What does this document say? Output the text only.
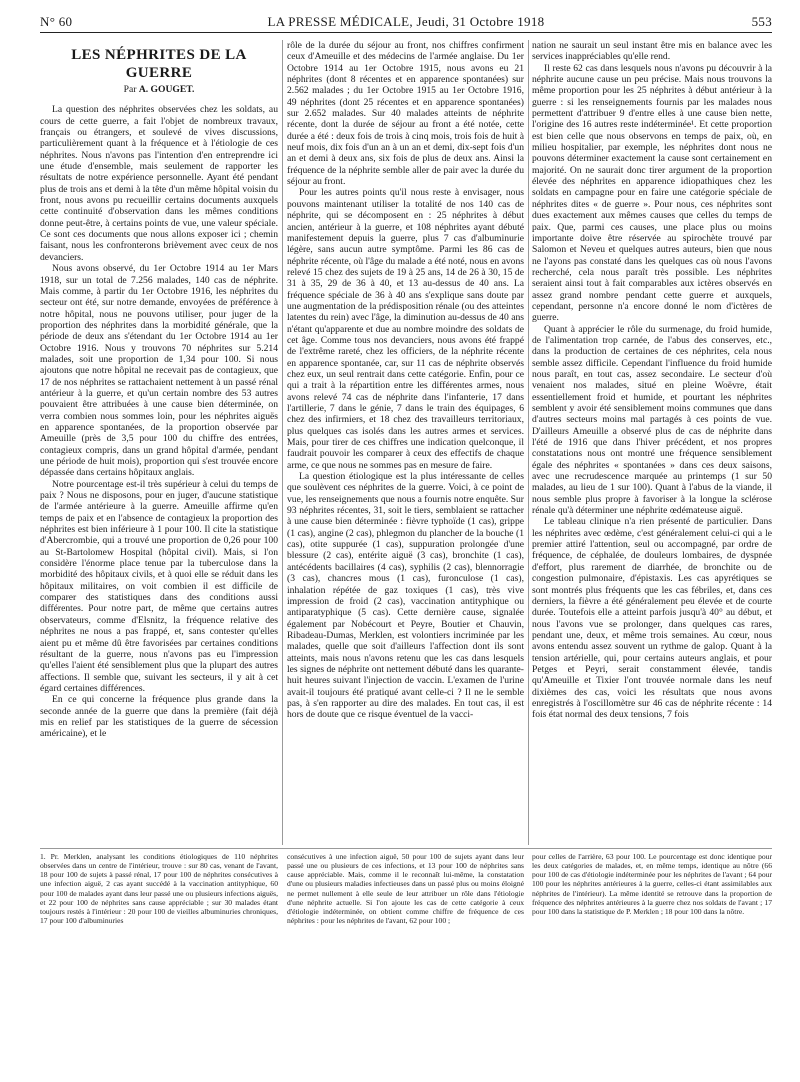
N° 60	LA PRESSE MÉDICALE, Jeudi, 31 Octobre 1918	553
LES NÉPHRITES DE LA GUERRE
Par A. GOUGET.

La question des néphrites observées chez les soldats, au cours de cette guerre, a fait l'objet de nombreux travaux, français ou étrangers, et soulevé de vives discussions, particulièrement quant à la fréquence et à l'étiologie de ces néphrites. Nous n'avons pas l'intention d'en entreprendre ici une étude d'ensemble, mais seulement de rapporter les résultats de notre expérience personnelle. Ayant été pendant plus de trois ans et demi à la tête d'un même hôpital voisin du front, nous avons pu recueillir certains documents auxquels cette continuité d'observation dans les mêmes conditions donne peut-être, à certains points de vue, une valeur spéciale. Ce sont ces documents que nous allons exposer ici ; chemin faisant, nous les confronterons brièvement avec ceux de nos devanciers.

Nous avons observé, du 1er Octobre 1914 au 1er Mars 1918, sur un total de 7.256 malades, 140 cas de néphrite. Mais comme, à partir du 1er Octobre 1916, les néphrites du secteur ont été, sur notre demande, envoyées de préférence à notre hôpital, nous ne pouvons utiliser, pour juger de la proportion des néphrites dans la morbidité générale, que la période de deux ans s'étendant du 1er Octobre 1914 au 1er Octobre 1916. Nous y trouvons 70 néphrites sur 5.214 malades, soit une proportion de 1,34 pour 100. Si nous ajoutons que notre hôpital ne recevait pas de contagieux, que 17 de nos néphrites se rattachaient nettement à un passé rénal antérieur à la guerre, et qu'un certain nombre des 53 autres pouvaient être attribuées à une cause bien déterminée, on verra combien nous sommes loin, pour les néphrites aiguës en apparence spontanées, de la proportion observée par Ameuille (près de 3,5 pour 100 du chiffre des entrées, contagieux compris, dans un grand hôpital d'armée, pendant une période de huit mois), proportion qui s'est trouvée encore dépassée dans certains hôpitaux anglais.

Notre pourcentage est-il très supérieur à celui du temps de paix ? Nous ne disposons, pour en juger, d'aucune statistique de l'armée antérieure à la guerre. Ameuille affirme qu'en temps de paix et en l'absence de contagieux la proportion des néphrites est bien inférieure à 1 pour 100. Il cite la statistique d'Abercrombie, qui a trouvé une proportion de 0,26 pour 100 au St-Bartolomew Hospital (hôpital civil). Mais, si l'on considère l'énorme place tenue par la tuberculose dans la morbidité des hôpitaux civils, et à quoi elle se réduit dans les hôpitaux militaires, on voit combien il est difficile de comparer des statistiques dans des conditions aussi différentes. Pour notre part, de même que certains autres observateurs, comme d'Elsnitz, la fréquence relative des néphrites ne nous a pas frappé, et, sans contester qu'elles aient pu et même dû être favorisées par certaines conditions résultant de la guerre, nous n'avons pas eu l'impression qu'elles l'aient été sensiblement plus que la plupart des autres affections. Il semble que, suivant les secteurs, il y ait à cet égard certaines différences.

En ce qui concerne la fréquence plus grande dans la seconde année de la guerre que dans la première (fait déjà mis en relief par les statistiques de la guerre de sécession américaine), et le

rôle de la durée du séjour au front, nos chiffres confirment ceux d'Ameuille et des médecins de l'armée anglaise. Du 1er Octobre 1914 au 1er Octobre 1915, nous avons eu 21 néphrites (dont 8 récentes et en apparence spontanées) sur 2.562 malades ; du 1er Octobre 1915 au 1er Octobre 1916, 49 néphrites (dont 25 récentes et en apparence spontanées) sur 2.652 malades. Sur 40 malades atteints de néphrite récente, dont la durée de séjour au front a été notée, cette durée a été : deux fois de trois à cinq mois, trois fois de huit à neuf mois, dix fois d'un an à un an et demi, dix-sept fois d'un an et demi à deux ans, six fois de plus de deux ans. Ainsi la fréquence de la néphrite semble aller de pair avec la durée du séjour au front.

Pour les autres points qu'il nous reste à envisager, nous pouvons maintenant utiliser la totalité de nos 140 cas de néphrite, qui se décomposent en : 25 néphrites à début ancien, antérieur à la guerre, et 108 néphrites ayant débuté manifestement depuis la guerre, plus 7 cas d'albuminurie légère, sans aucun autre symptôme. Parmi les 86 cas de néphrite récente, où l'âge du malade a été noté, nous en avons relevé 15 chez des sujets de 19 à 25 ans, 14 de 26 à 30, 15 de 31 à 35, 29 de 36 à 40, et 13 au-dessus de 40 ans. La fréquence spéciale de 36 à 40 ans s'explique sans doute par une augmentation de la prédisposition rénale (ou des atteintes latentes du rein) avec l'âge, la diminution au-dessus de 40 ans n'étant qu'apparente et due au nombre moindre des soldats de cet âge. Comme tous nos devanciers, nous avons été frappé de l'extrême rareté, chez les officiers, de la néphrite récente en apparence spontanée, car, sur 11 cas de néphrite observés chez eux, un seul rentrait dans cette catégorie. Enfin, pour ce qui a trait à la répartition entre les différentes armes, nous avons relevé 74 cas de néphrite dans l'infanterie, 17 dans l'artillerie, 7 dans le génie, 7 dans le train des équipages, 6 chez des infirmiers, et 18 chez des travailleurs territoriaux, plus quelques cas isolés dans les autres armes et services. Mais, pour tirer de ces chiffres une indication quelconque, il faudrait pouvoir les comparer à ceux des effectifs de chaque arme, ce que nous ne sommes pas en mesure de faire.

La question étiologique est la plus intéressante de celles que soulèvent ces néphrites de la guerre. Voici, à ce point de vue, les renseignements que nous a fournis notre enquête. Sur 93 néphrites récentes, 31, soit le tiers, semblaient se rattacher à une cause bien déterminée : fièvre typhoïde (1 cas), grippe (1 cas), angine (2 cas), phlegmon du plancher de la bouche (1 cas), otite suppurée (1 cas), suppuration prolongée d'une blessure (2 cas), entérite aiguë (3 cas), bronchite (1 cas), antécédents bacillaires (4 cas), syphilis (2 cas), blennorragie (3 cas), chancres mous (1 cas), furonculose (1 cas), inhalation répétée de gaz toxiques (1 cas), très vive impression de froid (2 cas), vaccination antityphique ou antiparatyphique (5 cas). Cette dernière cause, signalée également par Nobécourt et Peyre, Boutier et Chauvin, Ribadeau-Dumas, Merklen, est volontiers incriminée par les malades, quelle que soit d'ailleurs l'affection dont ils sont atteints, mais nous n'avons retenu que les cas dans lesquels les signes de néphrite ont nettement débuté dans les quarante-huit heures suivant l'injection de vaccin. L'examen de l'urine avait-il toujours été pratiqué avant celle-ci ? Il ne le semble pas, à s'en rapporter au dire des malades. En tout cas, il est hors de doute que ce risque éventuel de la vacci-

nation ne saurait un seul instant être mis en balance avec les services inappréciables qu'elle rend.

Il reste 62 cas dans lesquels nous n'avons pu découvrir à la néphrite aucune cause un peu précise. Mais nous trouvons la même proportion pour les 25 néphrites à début antérieur à la guerre : si les renseignements fournis par les malades nous permettent d'attribuer 9 d'entre elles à une cause bien nette, l'origine des 16 autres reste indéterminée¹. Et cette proportion est bien celle que nous observons en temps de paix, où, en milieu hospitalier, par exemple, les néphrites dont nous ne pouvons déterminer exactement la cause sont certainement en majorité. On ne saurait donc tirer argument de la proportion élevée des néphrites en apparence idiopathiques chez les soldats en campagne pour en faire une catégorie spéciale de néphrites dites « de guerre ». Pour nous, ces néphrites sont dues exactement aux mêmes causes que celles du temps de paix. Que, parmi ces causes, une place plus ou moins importante doive être réservée au spirochète trouvé par Salomon et Neveu et quelques autres auteurs, bien que nous ne l'ayons pas constaté dans les quelques cas où nous l'avons recherché, cela nous paraît très possible. Les néphrites seraient ainsi tout à fait comparables aux ictères observés en assez grand nombre pendant cette guerre et auxquels, cependant, personne n'a encore donné le nom d'ictères de guerre.

Quant à apprécier le rôle du surmenage, du froid humide, de l'alimentation trop carnée, de l'abus des conserves, etc., dans la production de certaines de ces néphrites, cela nous semble assez difficile. Cependant l'influence du froid humide nous paraît, en tout cas, assez secondaire. Le secteur d'où venaient nos malades, situé en pleine Woëvre, était essentiellement froid et humide, et pourtant les néphrites semblent y avoir été sensiblement moins communes que dans d'autres secteurs moins mal partagés à ces points de vue. D'ailleurs Ameuille a observé plus de cas de néphrite dans l'été de 1916 que dans l'hiver précédent, et nos propres constatations nous ont montré une fréquence sensiblement égale des néphrites « spontanées » dans ces deux saisons, avec une recrudescence marquée au printemps (1 sur 50 malades, au lieu de 1 sur 100). Quant à l'abus de la viande, il nous semble plus propre à favoriser à la longue la sclérose rénale qu'à déterminer une néphrite œdémateuse aiguë.

Le tableau clinique n'a rien présenté de particulier. Dans les néphrites avec œdème, c'est généralement celui-ci qui a le premier attiré l'attention, seul ou accompagné, par ordre de fréquence, de céphalée, de douleurs lombaires, de dyspnée d'effort, plus rarement de diarrhée, de bronchite ou de congestion pulmonaire, d'épistaxis. Les cas apyrétiques se sont montrés plus fréquents que les cas fébriles, et, dans ces derniers, la fièvre a été généralement peu élevée et de courte durée. Toutefois elle a atteint parfois jusqu'à 40° au début, et nous l'avons vue se prolonger, dans quelques cas rares, pendant une, deux, et même trois semaines. Au cœur, nous avons entendu assez souvent un rythme de galop. Quant à la tension artérielle, qui, pour certains auteurs anglais, et pour Petges et Peyri, serait constamment élevée, tandis qu'Ameuille et Tixier l'ont trouvée normale dans les neuf dixièmes des cas, voici les résultats que nous avons enregistrés à l'oscillomètre sur 46 cas de néphrite récente : 14 fois état normal des deux tensions, 7 fois

1. Pr. Merklen, analysant les conditions étiologiques de 110 néphrites observées dans un centre de l'intérieur, trouve : sur 80 cas, venant de l'avant, 18 pour 100 de sujets à passé rénal, 17 pour 100 de néphrites consécutives à une infection aiguë, 2 cas ayant succédé à la vaccination antityphique, 60 pour 100 de malades ayant dans leur passé une ou plusieurs infections aiguës, et 22 pour 100 de néphrites sans cause appréciable ; sur 30 malades étant toujours restés à l'intérieur : 20 pour 100 de vieilles albuminuries chroniques, 17 pour 100 d'albuminuries

consécutives à une infection aiguë, 50 pour 100 de sujets ayant dans leur passé une ou plusieurs de ces infections, et 13 pour 100 de néphrites sans cause appréciable. Mais, comme il le reconnaît lui-même, la constatation d'une ou plusieurs maladies infectieuses dans un passé plus ou moins éloigné ne permet nullement à elle seule de leur attribuer un rôle dans l'étiologie d'une néphrite actuelle. Si l'on ajoute les cas de cette catégorie à ceux d'étiologie indéterminée, on obtient comme chiffre de fréquence de ces néphrites : pour les néphrites de l'avant, 62 pour 100 ;

pour celles de l'arrière, 63 pour 100. Le pourcentage est donc identique pour les deux catégories de malades, et, en même temps, identique au nôtre (66 pour 100 de cas d'étiologie indéterminée pour les néphrites de l'avant ; 64 pour 100 pour les néphrites antérieures à la guerre, celles-ci étant assimilables aux néphrites de l'intérieur). La même identité se retrouve dans la proportion de fréquence des néphrites antérieures à la guerre chez nos soldats de l'avant ; 17 pour 100 dans la statistique de P. Merklen ; 18 pour 100 dans la nôtre.
